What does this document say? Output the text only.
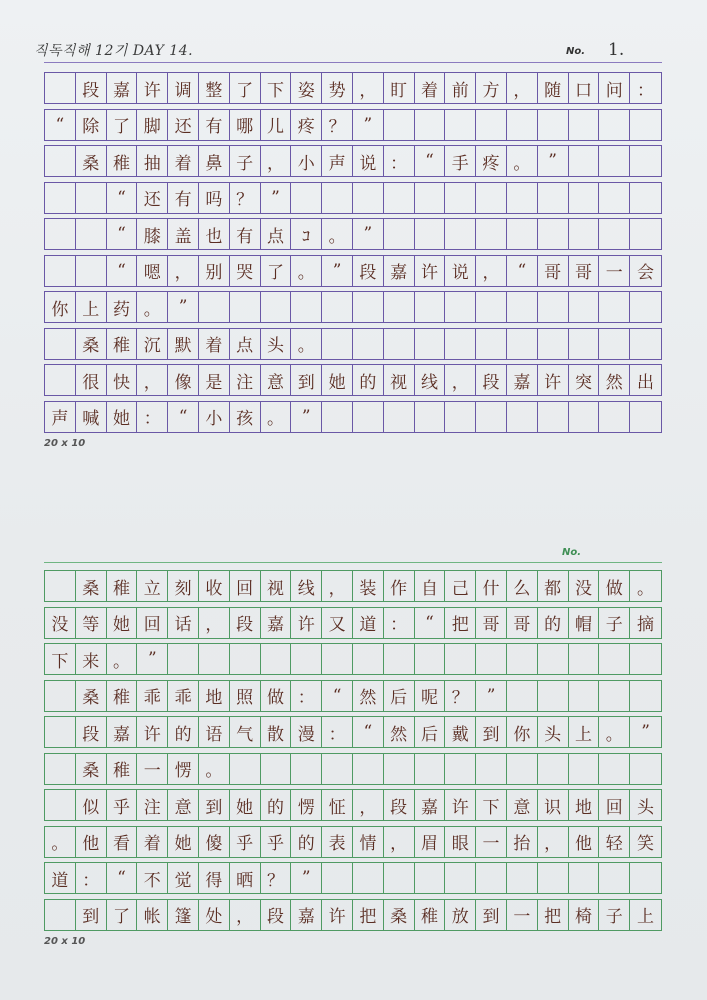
직독직해 12기 DAY 14.	No. 1.
段 嘉 许 调 整 了 下 姿 势 ， 盯 着 前 方 ， 随 口 问 ：
“	除 了 脚 还 有 哪 儿 疼 ？	”
桑 稚 抽 着 鼻 子 ， 小 声 说 ：	“	手 疼 。	”
“	还 有 吗 ？	”
“	膝 盖 也 有 点	ｺ	。	”
“	嗯 ， 别 哭 了 。	”	段 嘉 许 说 ，	“	哥 哥 一 会
你 上 药 。	”
桑 稚 沉 默 着 点 头 。
很 快 ， 像 是 注 意 到 她 的 视 线 ， 段 嘉 许 突 然 出
声 喊 她 ：	“	小 孩 。	”
20 x 10
No.
桑 稚 立 刻 收 回 视 线 ， 装 作 自 己 什 么 都 没 做 。
没 等 她 回 话 ， 段 嘉 许 又 道 ：	“	把 哥 哥 的 帽 子 摘
下 来 。	”
桑 稚 乖 乖 地 照 做 ：	“	然 后 呢 ？	”
段 嘉 许 的 语 气 散 漫 ：	“	然 后 戴 到 你 头 上 。	”
桑 稚 一 愣 。
似 乎 注 意 到 她 的 愣 怔 ， 段 嘉 许 下 意 识 地 回 头
。 他 看 着 她 傻 乎 乎 的 表 情 ， 眉 眼 一 抬 ， 他 轻 笑
道 ：	“	不 觉 得 晒 ？	”
到 了 帐 篷 处 ， 段 嘉 许 把 桑 稚 放 到 一 把 椅 子 上
20 x 10
